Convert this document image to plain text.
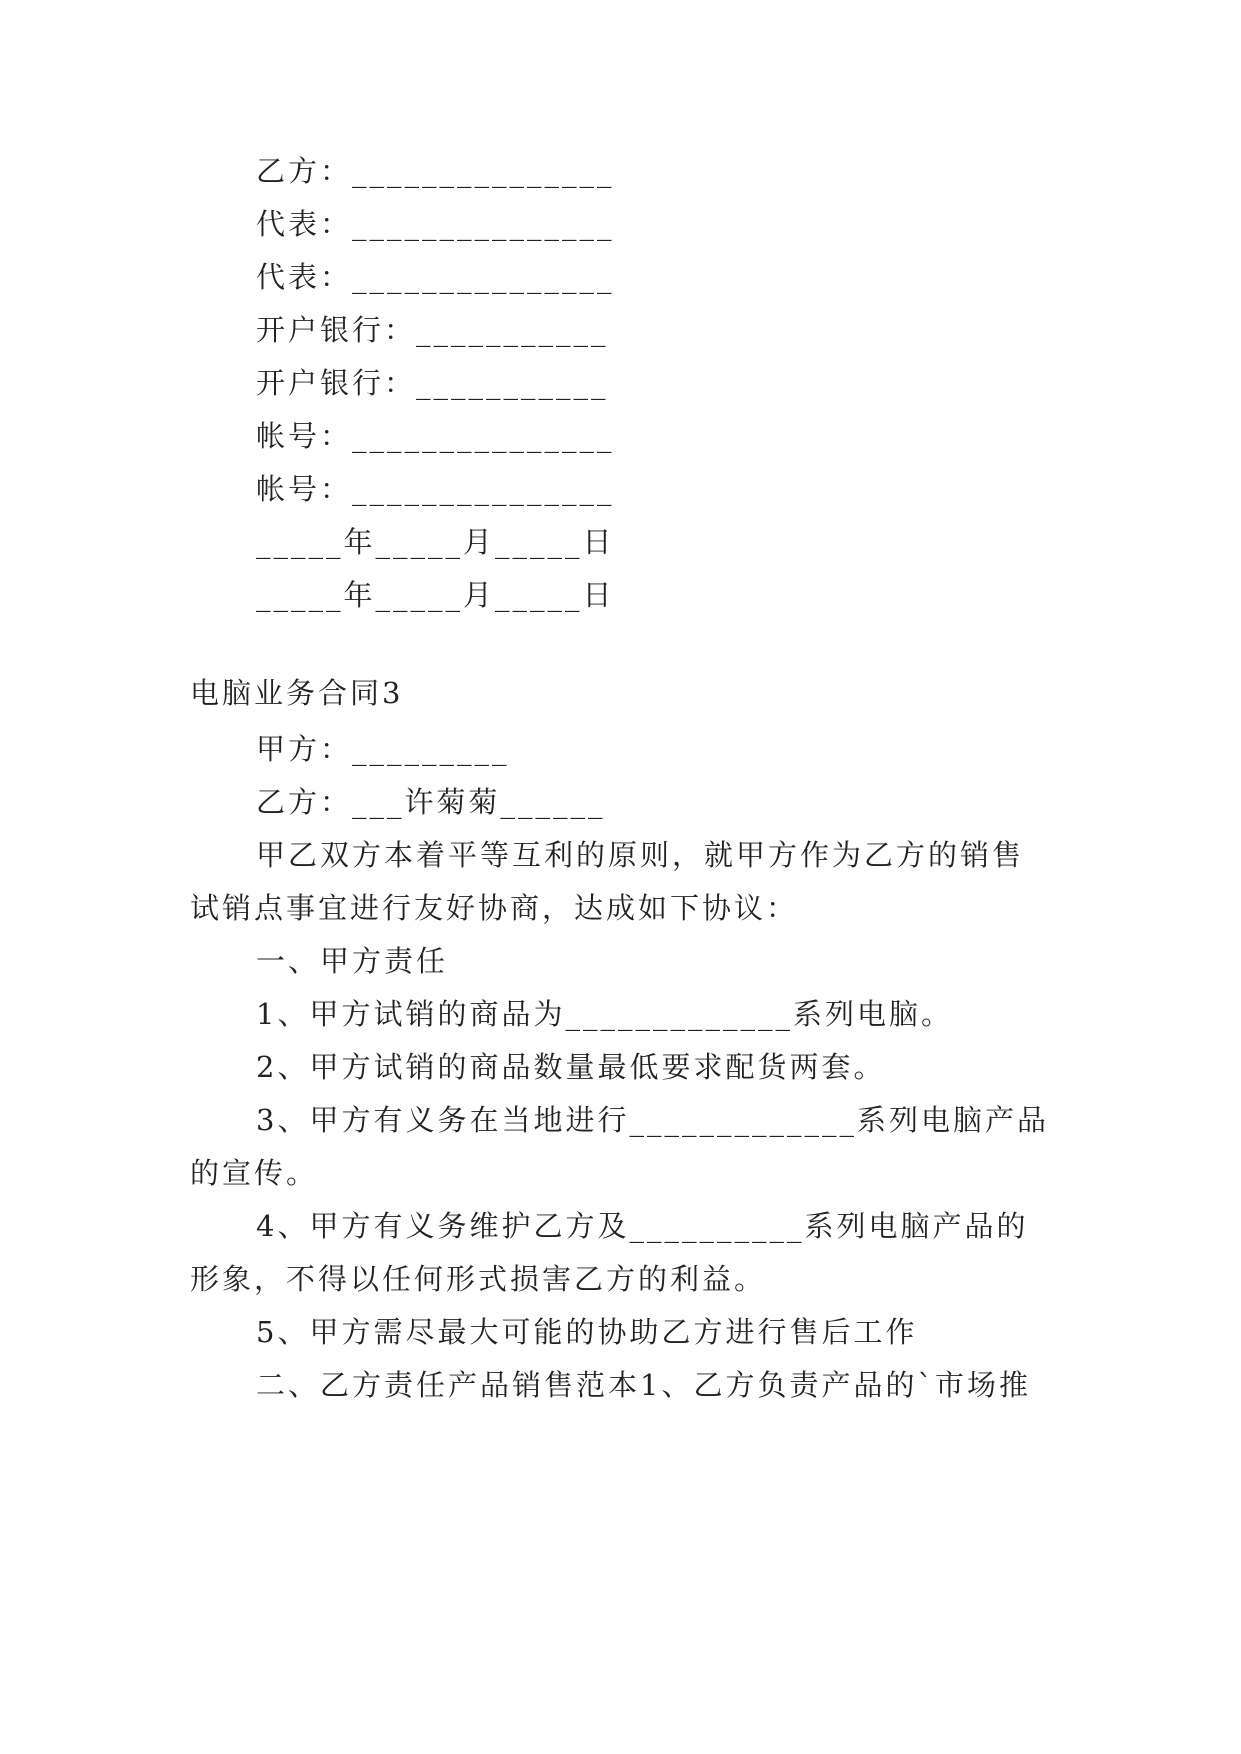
乙方：_______________
代表：_______________
代表：_______________
开户银行：___________
开户银行：___________
帐号：_______________
帐号：_______________
_____年_____月_____日
_____年_____月_____日
电脑业务合同3
甲方：_________
乙方：___许菊菊______
甲乙双方本着平等互利的原则，就甲方作为乙方的销售
试销点事宜进行友好协商，达成如下协议：
一、甲方责任
1、甲方试销的商品为_____________系列电脑。
2、甲方试销的商品数量最低要求配货两套。
3、甲方有义务在当地进行_____________系列电脑产品
的宣传。
4、甲方有义务维护乙方及__________系列电脑产品的
形象，不得以任何形式损害乙方的利益。
5、甲方需尽最大可能的协助乙方进行售后工作
二、乙方责任产品销售范本1、乙方负责产品的`市场推
